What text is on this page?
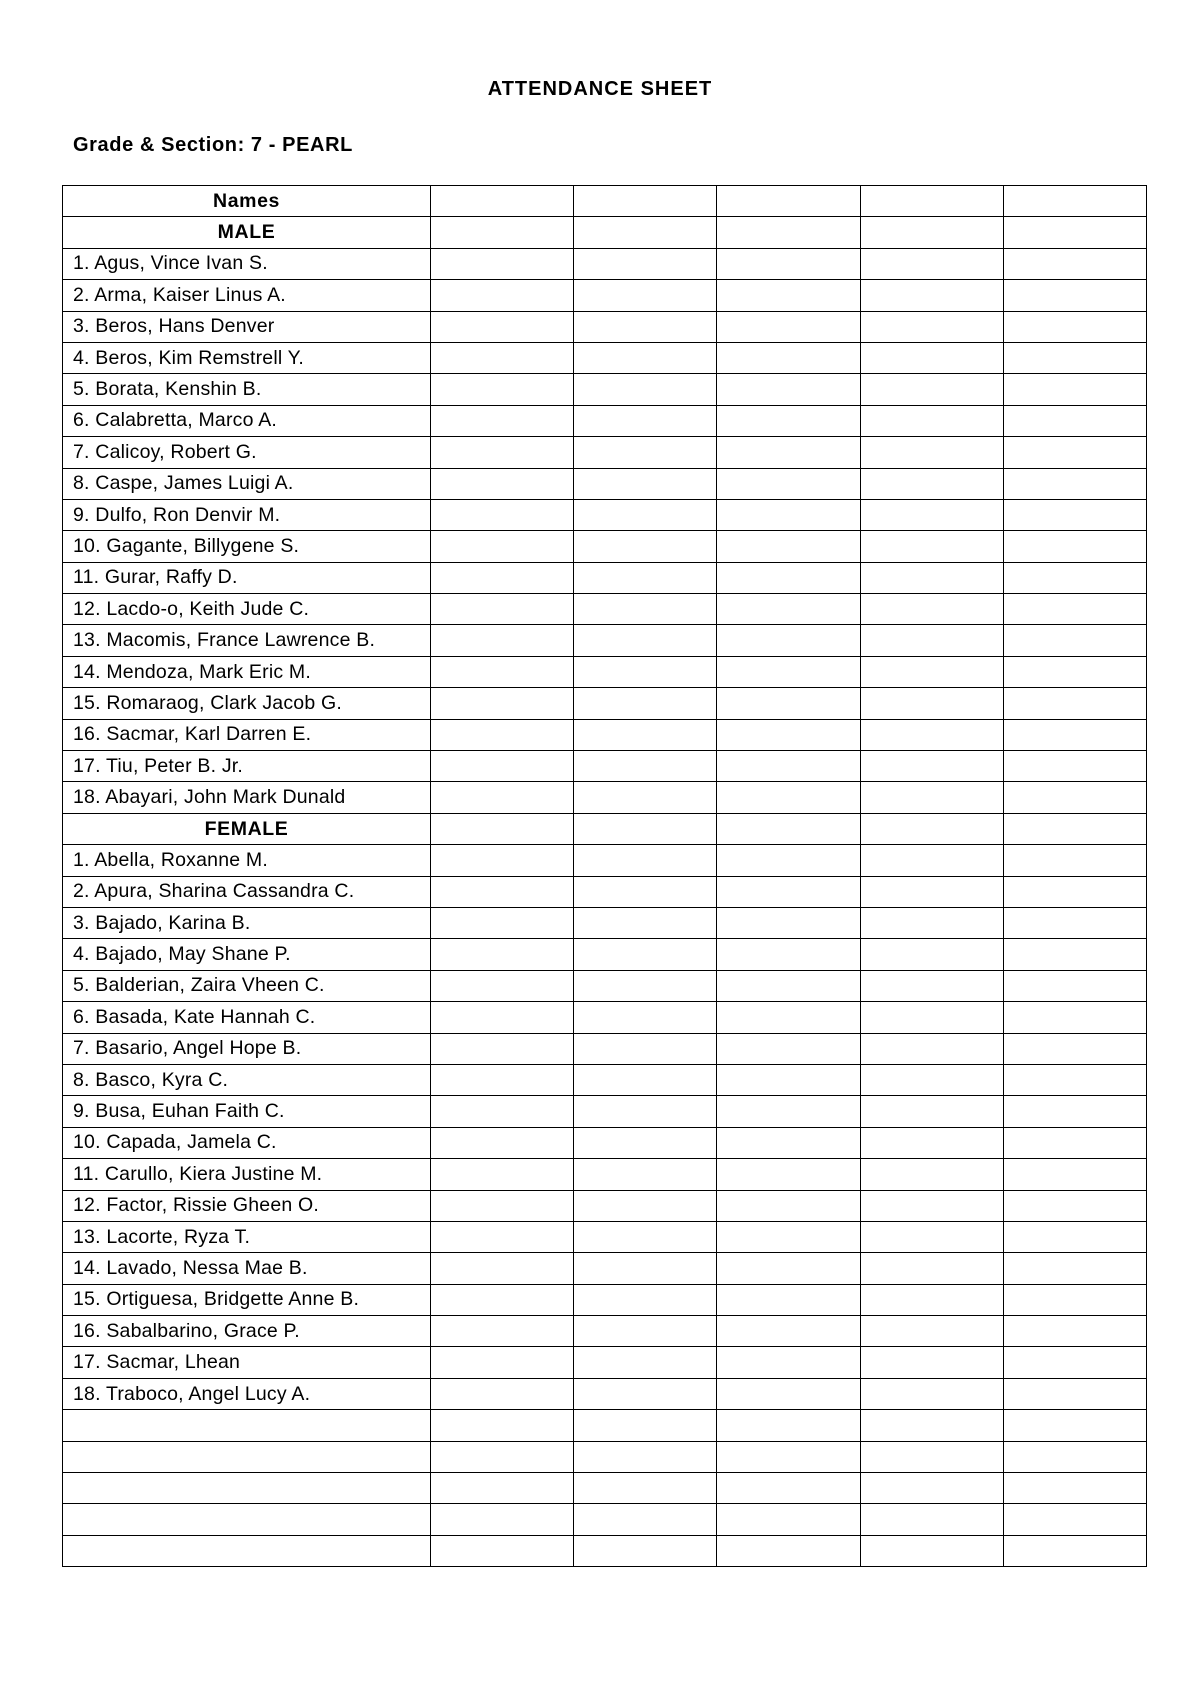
ATTENDANCE SHEET
Grade & Section: 7 - PEARL
Names					
MALE					
1. Agus, Vince Ivan S.					
2. Arma, Kaiser Linus A.					
3. Beros, Hans Denver					
4. Beros, Kim Remstrell Y.					
5. Borata, Kenshin B.					
6. Calabretta, Marco A.					
7. Calicoy, Robert G.					
8. Caspe, James Luigi A.					
9. Dulfo, Ron Denvir M.					
10. Gagante, Billygene S.					
11. Gurar, Raffy D.					
12. Lacdo-o, Keith Jude C.					
13. Macomis, France Lawrence B.					
14. Mendoza, Mark Eric M.					
15. Romaraog, Clark Jacob G.					
16. Sacmar, Karl Darren E.					
17. Tiu, Peter B. Jr.					
18. Abayari, John Mark Dunald					
FEMALE					
1. Abella, Roxanne M.					
2. Apura, Sharina Cassandra C.					
3. Bajado, Karina B.					
4. Bajado, May Shane P.					
5. Balderian, Zaira Vheen C.					
6. Basada, Kate Hannah C.					
7. Basario, Angel Hope B.					
8. Basco, Kyra C.					
9. Busa, Euhan Faith C.					
10. Capada, Jamela C.					
11. Carullo, Kiera Justine M.					
12. Factor, Rissie Gheen O.					
13. Lacorte, Ryza T.					
14. Lavado, Nessa Mae B.					
15. Ortiguesa, Bridgette Anne B.					
16. Sabalbarino, Grace P.					
17. Sacmar, Lhean					
18. Traboco, Angel Lucy A.					
